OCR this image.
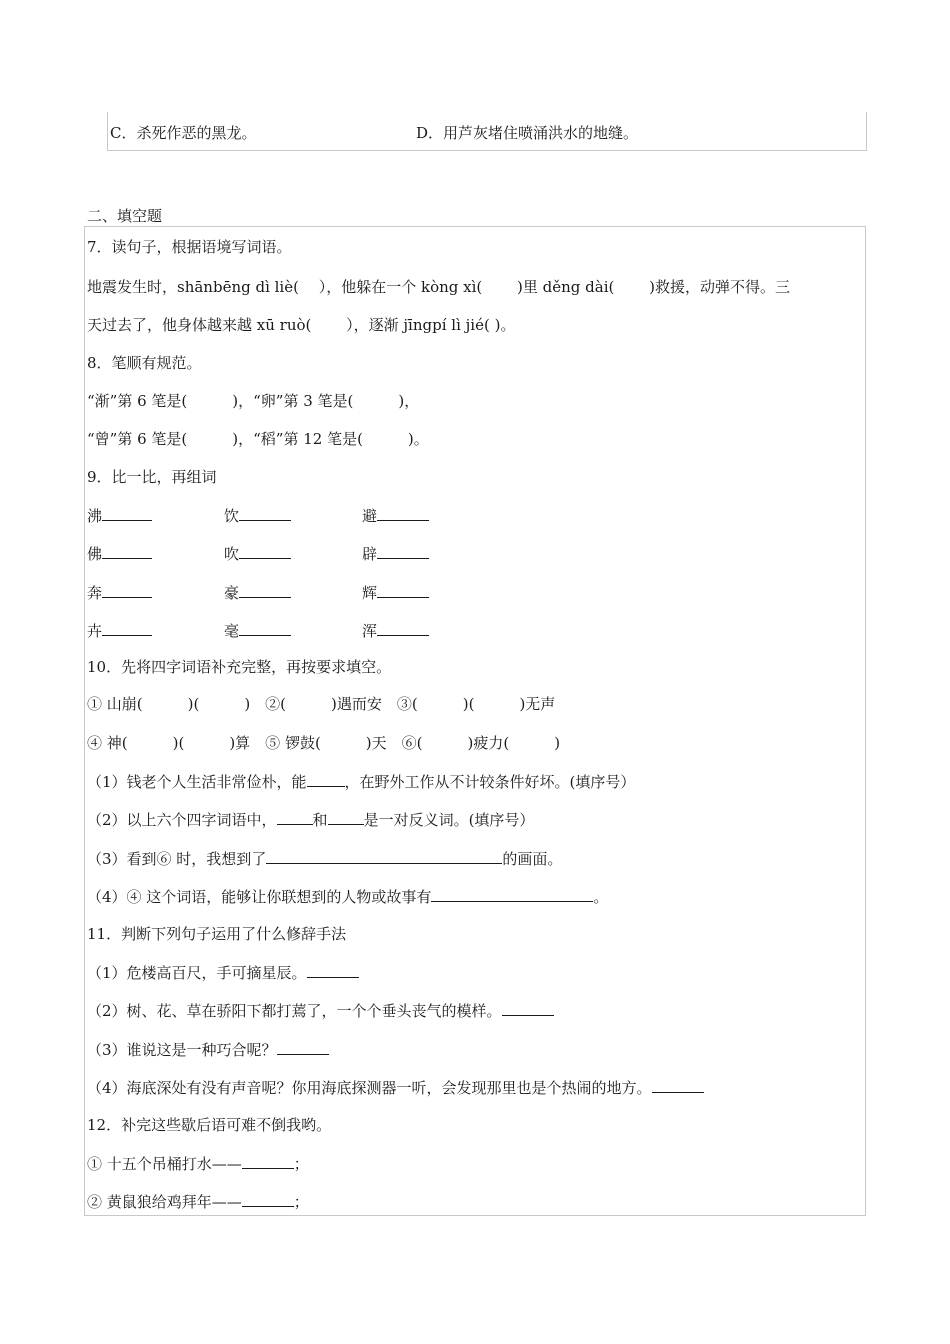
C．杀死作恶的黑龙。	D．用芦灰堵住喷涌洪水的地缝。
二、填空题
7．读句子，根据语境写词语。
地震发生时，shānbēng dì liè(　 ），他躲在一个 kòng xì(　 　)里 děng dài(　 　)救援，动弹不得。三
天过去了，他身体越来越 xū ruò(　　 ），逐渐 jīngpí lì jié( )。
8．笔顺有规范。
“渐”第 6 笔是(　　　)，“卵”第 3 笔是(　　　)，
“曾”第 6 笔是(　　　)，“稻”第 12 笔是(　　　)。
9．比一比，再组词
沸	饮	避
佛	吹	辟
奔	豪	辉
卉	毫	浑
10．先将四字词语补充完整，再按要求填空。
① 山崩(　　　)(　　　)　②(　　　)遇而安　③(　　　)(　　　)无声
④ 神(　　　)(　　　)算　⑤ 锣鼓(　　　)天　⑥(　　　)疲力(　　　)
（1）钱老个人生活非常俭朴，能	，在野外工作从不计较条件好坏。(填序号）
（2）以上六个四字词语中， 和 是一对反义词。(填序号）
（3）看到⑥ 时，我想到了	的画面。
（4）④ 这个词语，能够让你联想到的人物或故事有	。
11．判断下列句子运用了什么修辞手法
（1）危楼高百尺，手可摘星辰。
（2）树、花、草在骄阳下都打蔫了，一个个垂头丧气的模样。
（3）谁说这是一种巧合呢？
（4）海底深处有没有声音呢？你用海底探测器一听，会发现那里也是个热闹的地方。
12．补完这些歇后语可难不倒我哟。
① 十五个吊桶打水——	；
② 黄鼠狼给鸡拜年——	；
